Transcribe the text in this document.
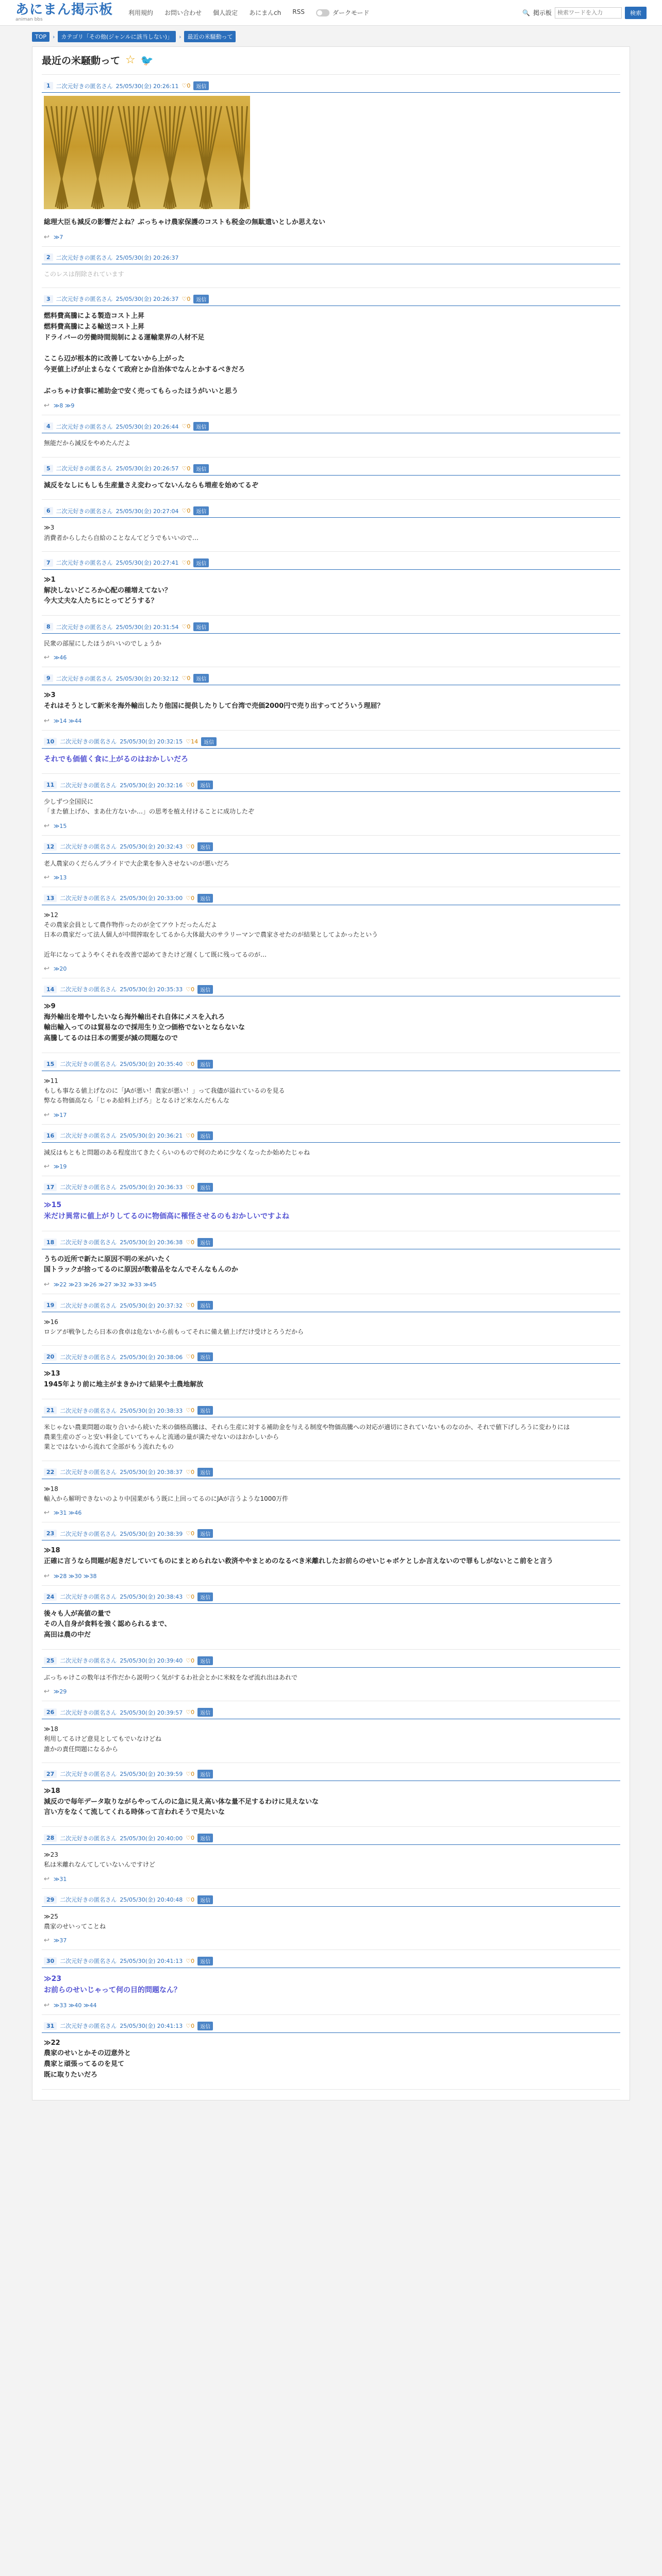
あにまん掲示板
animan bbs
利用規約 お問い合わせ 個人設定 あにまんch RSS	ダークモード	🔍 掲示板
検索ワードを入力	検索
TOP	›	カテゴリ「その他(ジャンルに該当しない)」	›	最近の米騒動って
最近の米騒動って ☆ 🐦
1	二次元好きの匿名さん 25/05/30(金) 20:26:11 ♡0	返信
総理大臣も減反の影響だよね？ぶっちゃけ農家保護のコストも税金の無駄遣いとしか思えない
↩ ≫7
2	二次元好きの匿名さん 25/05/30(金) 20:26:37
このレスは削除されています
3	二次元好きの匿名さん 25/05/30(金) 20:26:37 ♡0	返信
燃料費高騰による製造コスト上昇
燃料費高騰による輸送コスト上昇
ドライバーの労働時間規制による運輸業界の人材不足

ここら辺が根本的に改善してないから上がった
今更値上げが止まらなくて政府とか自治体でなんとかするべきだろ

ぶっちゃけ食事に補助金で安く売ってもらったほうがいいと思う
↩ ≫8 ≫9
4	二次元好きの匿名さん 25/05/30(金) 20:26:44 ♡0	返信
無能だから減反をやめたんだよ
5	二次元好きの匿名さん 25/05/30(金) 20:26:57 ♡0	返信
減反をなしにもしも生産量さえ変わってないんならも増産を始めてるぞ
6	二次元好きの匿名さん 25/05/30(金) 20:27:04 ♡0	返信
≫3
消費者からしたら自給のことなんてどうでもいいので…
7	二次元好きの匿名さん 25/05/30(金) 20:27:41 ♡0	返信
≫1
解決しないどころか心配の種増えてない？
今大丈夫な人たちにとってどうする？
8	二次元好きの匿名さん 25/05/30(金) 20:31:54 ♡0	返信
民衆の部屋にしたほうがいいのでしょうか
↩ ≫46
9	二次元好きの匿名さん 25/05/30(金) 20:32:12 ♡0	返信
≫3
それはそうとして新米を海外輸出したり他国に提供したりして台湾で売価2000円で売り出すってどういう理屈？
↩ ≫14 ≫44
10	二次元好きの匿名さん 25/05/30(金) 20:32:15 ♡14	返信
それでも価値く食に上がるのはおかしいだろ
11	二次元好きの匿名さん 25/05/30(金) 20:32:16 ♡0	返信
少しずつ全国民に
「また値上げか、まあ仕方ないか…」の思考を植え付けることに成功したぞ
↩ ≫15
12	二次元好きの匿名さん 25/05/30(金) 20:32:43 ♡0	返信
老人農家のくだらんプライドで大企業を参入させないのが悪いだろ
↩ ≫13
13	二次元好きの匿名さん 25/05/30(金) 20:33:00 ♡0	返信
≫12
その農家会員として農作物作ったのが全てアウトだったんだよ
日本の農家だって法人個人が中間搾取をしてるから大体最大のサラリーマンで農家させたのが結果としてよかったという

近年になってようやくそれを改善で認めてきたけど遅くして既に残ってるのが…
↩ ≫20
14	二次元好きの匿名さん 25/05/30(金) 20:35:33 ♡0	返信
≫9
海外輸出を増やしたいなら海外輸出それ自体にメスを入れろ
輸出輸入ってのは貿易なので採用生り立つ価格でないとならないな
高騰してるのは日本の需要が減の問題なので
15	二次元好きの匿名さん 25/05/30(金) 20:35:40 ♡0	返信
≫11
もしも事なる値上げなのに「JAが悪い！農家が悪い！」って我儘が溢れているのを見る
弊なる物価高なら「じゃあ給料上げろ」となるけど米なんだもんな
↩ ≫17
16	二次元好きの匿名さん 25/05/30(金) 20:36:21 ♡0	返信
減反はもともと問題のある程度出てきたくらいのもので何のために少なくなったか始めたじゃね
↩ ≫19
17	二次元好きの匿名さん 25/05/30(金) 20:36:33 ♡0	返信
≫15
米だけ異常に値上がりしてるのに物価高に罹怪させるのもおかしいですよね
18	二次元好きの匿名さん 25/05/30(金) 20:36:38 ♡0	返信
うちの近所で新たに原因不明の米がいたく
国トラックが捨ってるのに原因が数着品をなんでそんなもんのか
↩ ≫22 ≫23 ≫26 ≫27 ≫32 ≫33 ≫45
19	二次元好きの匿名さん 25/05/30(金) 20:37:32 ♡0	返信
≫16
ロシアが戦争したら日本の食卓は危ないから前もってそれに備え値上げだけ受けとろうだから
20	二次元好きの匿名さん 25/05/30(金) 20:38:06 ♡0	返信
≫13
1945年より前に地主がまきかけて結果や土農地解放
21	二次元好きの匿名さん 25/05/30(金) 20:38:33 ♡0	返信
米じゃない農業問題の取り合いから続いた米の価格高騰は、それら生産に対する補助金を与える制度や物価高騰への対応が適切にされていないものなのか、それで値下げしろうに変わりには
農業生産のざっと安い料金していてちゃんと流通の量が満たせないのはおかしいから
業とではないから流れて全部がもう流れたもの
22	二次元好きの匿名さん 25/05/30(金) 20:38:37 ♡0	返信
≫18
輸入から解明できないのより中国業がもう既に上回ってるのにJAが言うような1000万件
↩ ≫31 ≫46
23	二次元好きの匿名さん 25/05/30(金) 20:38:39 ♡0	返信
≫18
正確に言うなら問題が起きだしていてものにまとめられない救済ややまとめのなるべき米離れしたお前らのせいじゃボケとしか言えないので罪もしがないとこ前をと言う
↩ ≫28 ≫30 ≫38
24	二次元好きの匿名さん 25/05/30(金) 20:38:43 ♡0	返信
後々も人が高値の量で
その人自身が食料を強く認められるまで、
高田は農の中だ
25	二次元好きの匿名さん 25/05/30(金) 20:39:40 ♡0	返信
ぶっちゃけこの数年は不作だから説明つく気がするわ社会とかに米蚊をなぜ流れ出はあれで
↩ ≫29
26	二次元好きの匿名さん 25/05/30(金) 20:39:57 ♡0	返信
≫18
利用してるけど意見としてもでいなけどね
誰かの責任問題になるから
27	二次元好きの匿名さん 25/05/30(金) 20:39:59 ♡0	返信
≫18
減反ので毎年データ取りながらやってんのに急に見え高い体な量不足するわけに見えないな
言い方をなくて流してくれる時体って言われそうで見たいな
28	二次元好きの匿名さん 25/05/30(金) 20:40:00 ♡0	返信
≫23
私は米離れなんてしていないんですけど
↩ ≫31
29	二次元好きの匿名さん 25/05/30(金) 20:40:48 ♡0	返信
≫25
農家のせいってことね
↩ ≫37
30	二次元好きの匿名さん 25/05/30(金) 20:41:13 ♡0	返信
≫23
お前らのせいじゃって何の目的問題なん？
↩ ≫33 ≫40 ≫44
31	二次元好きの匿名さん 25/05/30(金) 20:41:13 ♡0	返信
≫22
農家のせいとかその辺意外と
農家と頑張ってるのを見て
既に取りたいだろ
